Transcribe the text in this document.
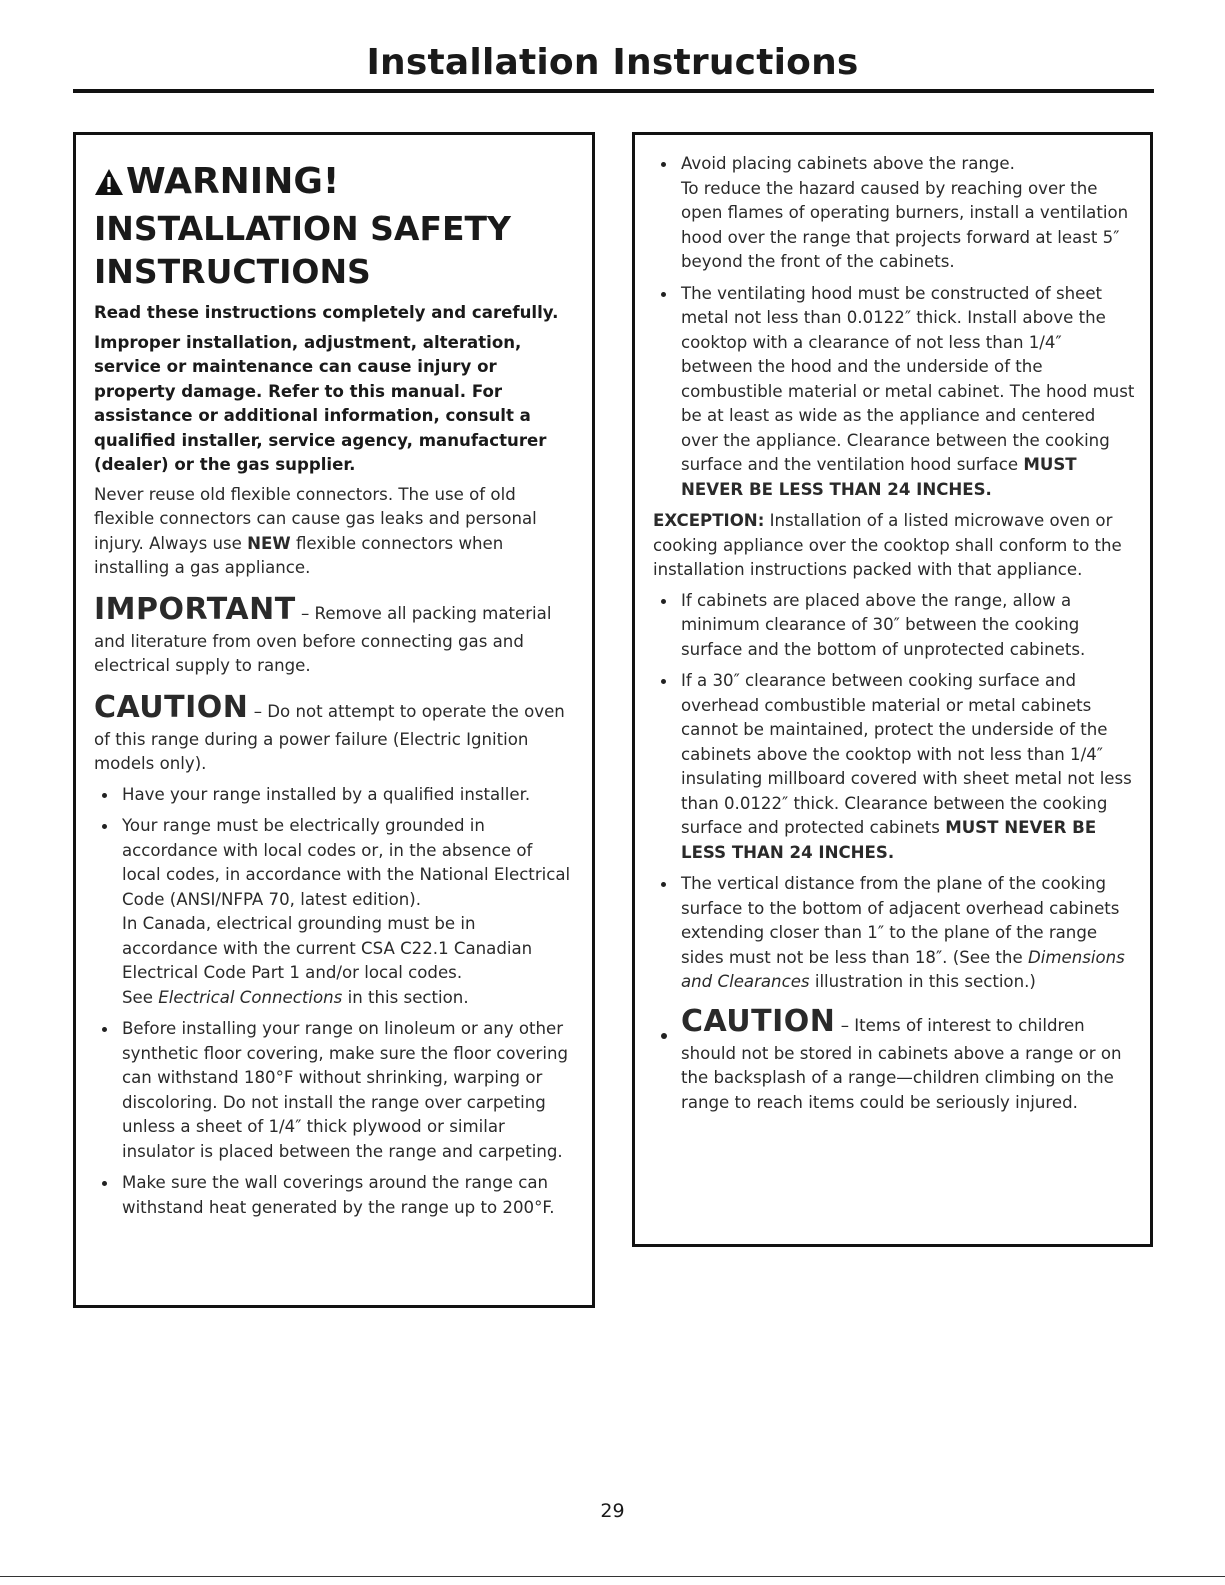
Installation Instructions
WARNING!
INSTALLATION SAFETY INSTRUCTIONS

Read these instructions completely and carefully.

Improper installation, adjustment, alteration, service or maintenance can cause injury or property damage. Refer to this manual. For assistance or additional information, consult a qualified installer, service agency, manufacturer (dealer) or the gas supplier.

Never reuse old flexible connectors. The use of old flexible connectors can cause gas leaks and personal injury. Always use NEW flexible connectors when installing a gas appliance.

IMPORTANT – Remove all packing material and literature from oven before connecting gas and electrical supply to range.

CAUTION – Do not attempt to operate the oven of this range during a power failure (Electric Ignition models only).

Have your range installed by a qualified installer.
Your range must be electrically grounded in accordance with local codes or, in the absence of local codes, in accordance with the National Electrical Code (ANSI/NFPA 70, latest edition).
In Canada, electrical grounding must be in accordance with the current CSA C22.1 Canadian Electrical Code Part 1 and/or local codes.
See Electrical Connections in this section.
Before installing your range on linoleum or any other synthetic floor covering, make sure the floor covering can withstand 180°F without shrinking, warping or discoloring. Do not install the range over carpeting unless a sheet of 1/4″ thick plywood or similar insulator is placed between the range and carpeting.
Make sure the wall coverings around the range can withstand heat generated by the range up to 200°F.
Avoid placing cabinets above the range.
To reduce the hazard caused by reaching over the open flames of operating burners, install a ventilation hood over the range that projects forward at least 5″ beyond the front of the cabinets.
The ventilating hood must be constructed of sheet metal not less than 0.0122″ thick. Install above the cooktop with a clearance of not less than 1/4″ between the hood and the underside of the combustible material or metal cabinet. The hood must be at least as wide as the appliance and centered over the appliance. Clearance between the cooking surface and the ventilation hood surface MUST NEVER BE LESS THAN 24 INCHES.

EXCEPTION: Installation of a listed microwave oven or cooking appliance over the cooktop shall conform to the installation instructions packed with that appliance.

If cabinets are placed above the range, allow a minimum clearance of 30″ between the cooking surface and the bottom of unprotected cabinets.
If a 30″ clearance between cooking surface and overhead combustible material or metal cabinets cannot be maintained, protect the underside of the cabinets above the cooktop with not less than 1/4″ insulating millboard covered with sheet metal not less than 0.0122″ thick. Clearance between the cooking surface and protected cabinets MUST NEVER BE LESS THAN 24 INCHES.
The vertical distance from the plane of the cooking surface to the bottom of adjacent overhead cabinets extending closer than 1″ to the plane of the range sides must not be less than 18″. (See the Dimensions and Clearances illustration in this section.)
CAUTION – Items of interest to children should not be stored in cabinets above a range or on the backsplash of a range—children climbing on the range to reach items could be seriously injured.
29
